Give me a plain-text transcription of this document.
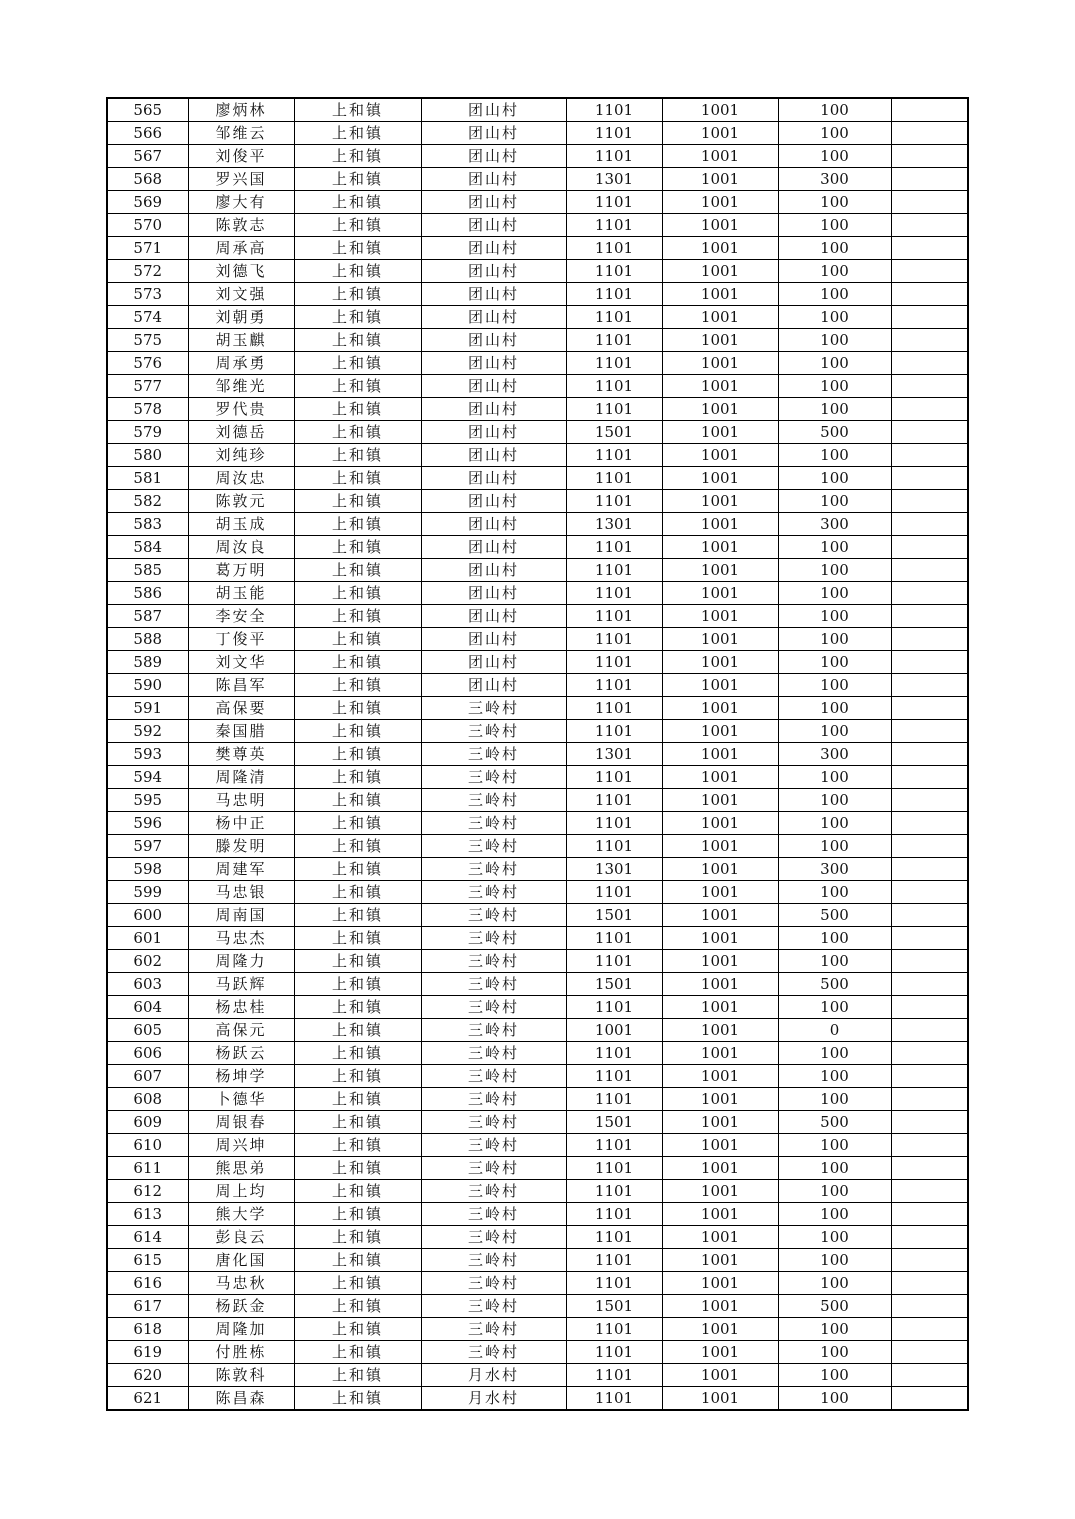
565	廖炳林	上和镇	团山村	1101	1001	100	
566	邹维云	上和镇	团山村	1101	1001	100	
567	刘俊平	上和镇	团山村	1101	1001	100	
568	罗兴国	上和镇	团山村	1301	1001	300	
569	廖大有	上和镇	团山村	1101	1001	100	
570	陈敦志	上和镇	团山村	1101	1001	100	
571	周承高	上和镇	团山村	1101	1001	100	
572	刘德飞	上和镇	团山村	1101	1001	100	
573	刘文强	上和镇	团山村	1101	1001	100	
574	刘朝勇	上和镇	团山村	1101	1001	100	
575	胡玉麒	上和镇	团山村	1101	1001	100	
576	周承勇	上和镇	团山村	1101	1001	100	
577	邹维光	上和镇	团山村	1101	1001	100	
578	罗代贵	上和镇	团山村	1101	1001	100	
579	刘德岳	上和镇	团山村	1501	1001	500	
580	刘纯珍	上和镇	团山村	1101	1001	100	
581	周汝忠	上和镇	团山村	1101	1001	100	
582	陈敦元	上和镇	团山村	1101	1001	100	
583	胡玉成	上和镇	团山村	1301	1001	300	
584	周汝良	上和镇	团山村	1101	1001	100	
585	葛万明	上和镇	团山村	1101	1001	100	
586	胡玉能	上和镇	团山村	1101	1001	100	
587	李安全	上和镇	团山村	1101	1001	100	
588	丁俊平	上和镇	团山村	1101	1001	100	
589	刘文华	上和镇	团山村	1101	1001	100	
590	陈昌军	上和镇	团山村	1101	1001	100	
591	高保要	上和镇	三岭村	1101	1001	100	
592	秦国腊	上和镇	三岭村	1101	1001	100	
593	樊尊英	上和镇	三岭村	1301	1001	300	
594	周隆清	上和镇	三岭村	1101	1001	100	
595	马忠明	上和镇	三岭村	1101	1001	100	
596	杨中正	上和镇	三岭村	1101	1001	100	
597	滕发明	上和镇	三岭村	1101	1001	100	
598	周建军	上和镇	三岭村	1301	1001	300	
599	马忠银	上和镇	三岭村	1101	1001	100	
600	周南国	上和镇	三岭村	1501	1001	500	
601	马忠杰	上和镇	三岭村	1101	1001	100	
602	周隆力	上和镇	三岭村	1101	1001	100	
603	马跃辉	上和镇	三岭村	1501	1001	500	
604	杨忠桂	上和镇	三岭村	1101	1001	100	
605	高保元	上和镇	三岭村	1001	1001	0	
606	杨跃云	上和镇	三岭村	1101	1001	100	
607	杨坤学	上和镇	三岭村	1101	1001	100	
608	卜德华	上和镇	三岭村	1101	1001	100	
609	周银春	上和镇	三岭村	1501	1001	500	
610	周兴坤	上和镇	三岭村	1101	1001	100	
611	熊思弟	上和镇	三岭村	1101	1001	100	
612	周上均	上和镇	三岭村	1101	1001	100	
613	熊大学	上和镇	三岭村	1101	1001	100	
614	彭良云	上和镇	三岭村	1101	1001	100	
615	唐化国	上和镇	三岭村	1101	1001	100	
616	马忠秋	上和镇	三岭村	1101	1001	100	
617	杨跃金	上和镇	三岭村	1501	1001	500	
618	周隆加	上和镇	三岭村	1101	1001	100	
619	付胜栋	上和镇	三岭村	1101	1001	100	
620	陈敦科	上和镇	月水村	1101	1001	100	
621	陈昌森	上和镇	月水村	1101	1001	100	
